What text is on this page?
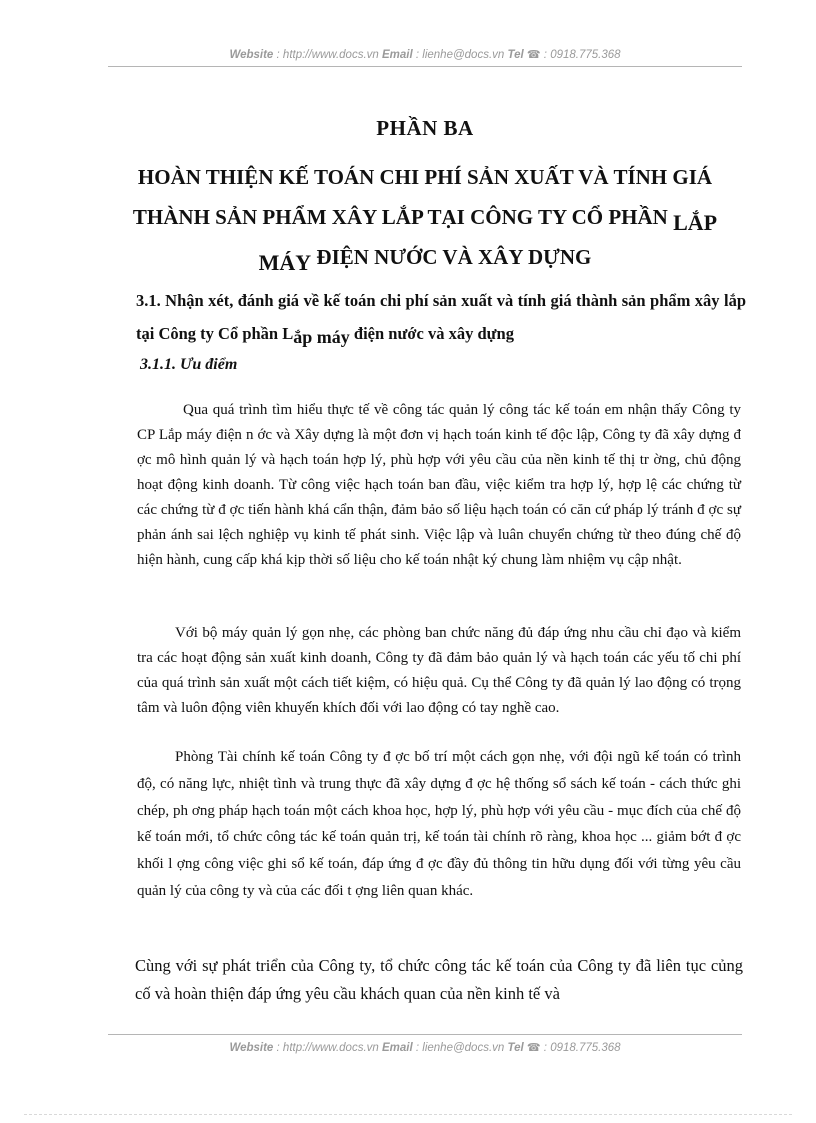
Website : http://www.docs.vn Email : lienhe@docs.vn Tel ☎ : 0918.775.368
PHẦN BA
HOÀN THIỆN KẾ TOÁN CHI PHÍ SẢN XUẤT VÀ TÍNH GIÁ THÀNH SẢN PHẨM XÂY LẮP TẠI CÔNG TY CỔ PHẦN LẮP MÁY ĐIỆN NƯỚC VÀ XÂY DỰNG
3.1. Nhận xét, đánh giá về kế toán chi phí sản xuất và tính giá thành sản phẩm xây lắp tại Công ty Cổ phần Lắp máy điện nước và xây dựng
3.1.1. Ưu điểm

Qua quá trình tìm hiểu thực tế về công tác quản lý công tác kế toán em nhận thấy Công ty CP Lắp máy điện n ớc và Xây dựng là một đơn vị hạch toán kinh tế độc lập, Công ty đã xây dựng đ ợc mô hình quản lý và hạch toán hợp lý, phù hợp với yêu cầu của nền kinh tế thị tr ờng, chủ động hoạt động kinh doanh. Từ công việc hạch toán ban đầu, việc kiểm tra hợp lý, hợp lệ các chứng từ các chứng từ đ ợc tiến hành khá cẩn thận, đảm bảo số liệu hạch toán có căn cứ pháp lý tránh đ ợc sự phản ánh sai lệch nghiệp vụ kinh tế phát sinh. Việc lập và luân chuyển chứng từ theo đúng chế độ hiện hành, cung cấp khá kịp thời số liệu cho kế toán nhật ký chung làm nhiệm vụ cập nhật.

Với bộ máy quản lý gọn nhẹ, các phòng ban chức năng đủ đáp ứng nhu cầu chỉ đạo và kiểm tra các hoạt động sản xuất kinh doanh, Công ty đã đảm bảo quản lý và hạch toán các yếu tố chi phí của quá trình sản xuất một cách tiết kiệm, có hiệu quả. Cụ thể Công ty đã quản lý lao động có trọng tâm và luôn động viên khuyến khích đối với lao động có tay nghề cao.

Phòng Tài chính kế toán Công ty đ ợc bố trí một cách gọn nhẹ, với đội ngũ kế toán có trình độ, có năng lực, nhiệt tình và trung thực đã xây dựng đ ợc hệ thống sổ sách kế toán - cách thức ghi chép, ph ơng pháp hạch toán một cách khoa học, hợp lý, phù hợp với yêu cầu - mục đích của chế độ kế toán mới, tổ chức công tác kế toán quản trị, kế toán tài chính rõ ràng, khoa học ... giảm bớt đ ợc khối l ợng công việc ghi sổ kế toán, đáp ứng đ ợc đầy đủ thông tin hữu dụng đối với từng yêu cầu quản lý của công ty và của các đối t ợng liên quan khác.

Cùng với sự phát triển của Công ty, tổ chức công tác kế toán của Công ty đã liên tục củng cố và hoàn thiện đáp ứng yêu cầu khách quan của nền kinh tế và

Website : http://www.docs.vn Email : lienhe@docs.vn Tel ☎ : 0918.775.368
